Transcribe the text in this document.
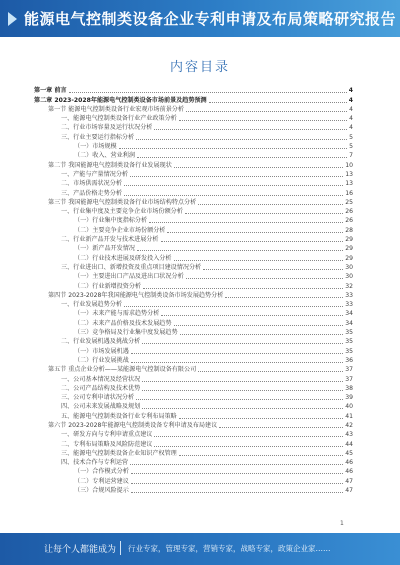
能源电气控制类设备企业专利申请及布局策略研究报告
内容目录
第一章 前言	4
第二章 2023-2028年能源电气控制类设备市场前景及趋势预测	4
第一节 能源电气控制类设备行业宏观市场前景分析	4
一、能源电气控制类设备行业产业政策分析	4
二、行业市场容量及运行状况分析	4
三、行业主要运行指标分析	5
（一）市场规模	5
（二）收入、营业利润	7
第二节 我国能源电气控制类设备行业发展现状	10
一、产能与产量情况分析	13
二、市场供需状况分析	13
三、产品价格走势分析	16
第三节 我国能源电气控制类设备行业市场结构特点分析	25
一、行业集中度及主要竞争企业市场份额分析	26
（一）行业集中度指标分析	26
（二）主要竞争企业市场份额分析	28
二、行业新产品开发与技术进展分析	29
（一）新产品开发情况	29
（二）行业技术进展及研发投入分析	29
三、行业进出口、新增投资及重点项目建设情况分析	30
（一）主要进出口产品及进出口状况分析	30
（二）行业新增投资分析	32
第四节 2023-2028年我国能源电气控制类设备市场发展趋势分析	33
一、行业发展趋势分析	33
（一）未来产能与需求趋势分析	34
（二）未来产品价格及技术发展趋势	34
（三）竞争格局及行业集中度发展趋势	35
二、行业发展机遇及挑战分析	35
（一）市场发展机遇	35
（二）行业发展挑战	36
第五节 重点企业分析——某能源电气控制设备有限公司	37
一、公司基本情况及经营状况	37
二、公司产品结构及技术优势	38
三、公司专利申请状况分析	39
四、公司未来发展战略及规划	40
五、能源电气控制类设备行业专利布局策略	41
第六节 2023-2028年能源电气控制类设备专利申请及布局建议	42
一、研发方向与专利申请重点建议	43
二、专利布局策略及风险防范建议	44
三、能源电气控制类设备企业知识产权管理	45
四、技术合作与专利运营	46
（一）合作模式分析	46
（二）专利运营建议	47
（三）合规风险提示	47
1
让每个人都能成为 行业专家，管理专家，营销专家，战略专家，政策企业家……
